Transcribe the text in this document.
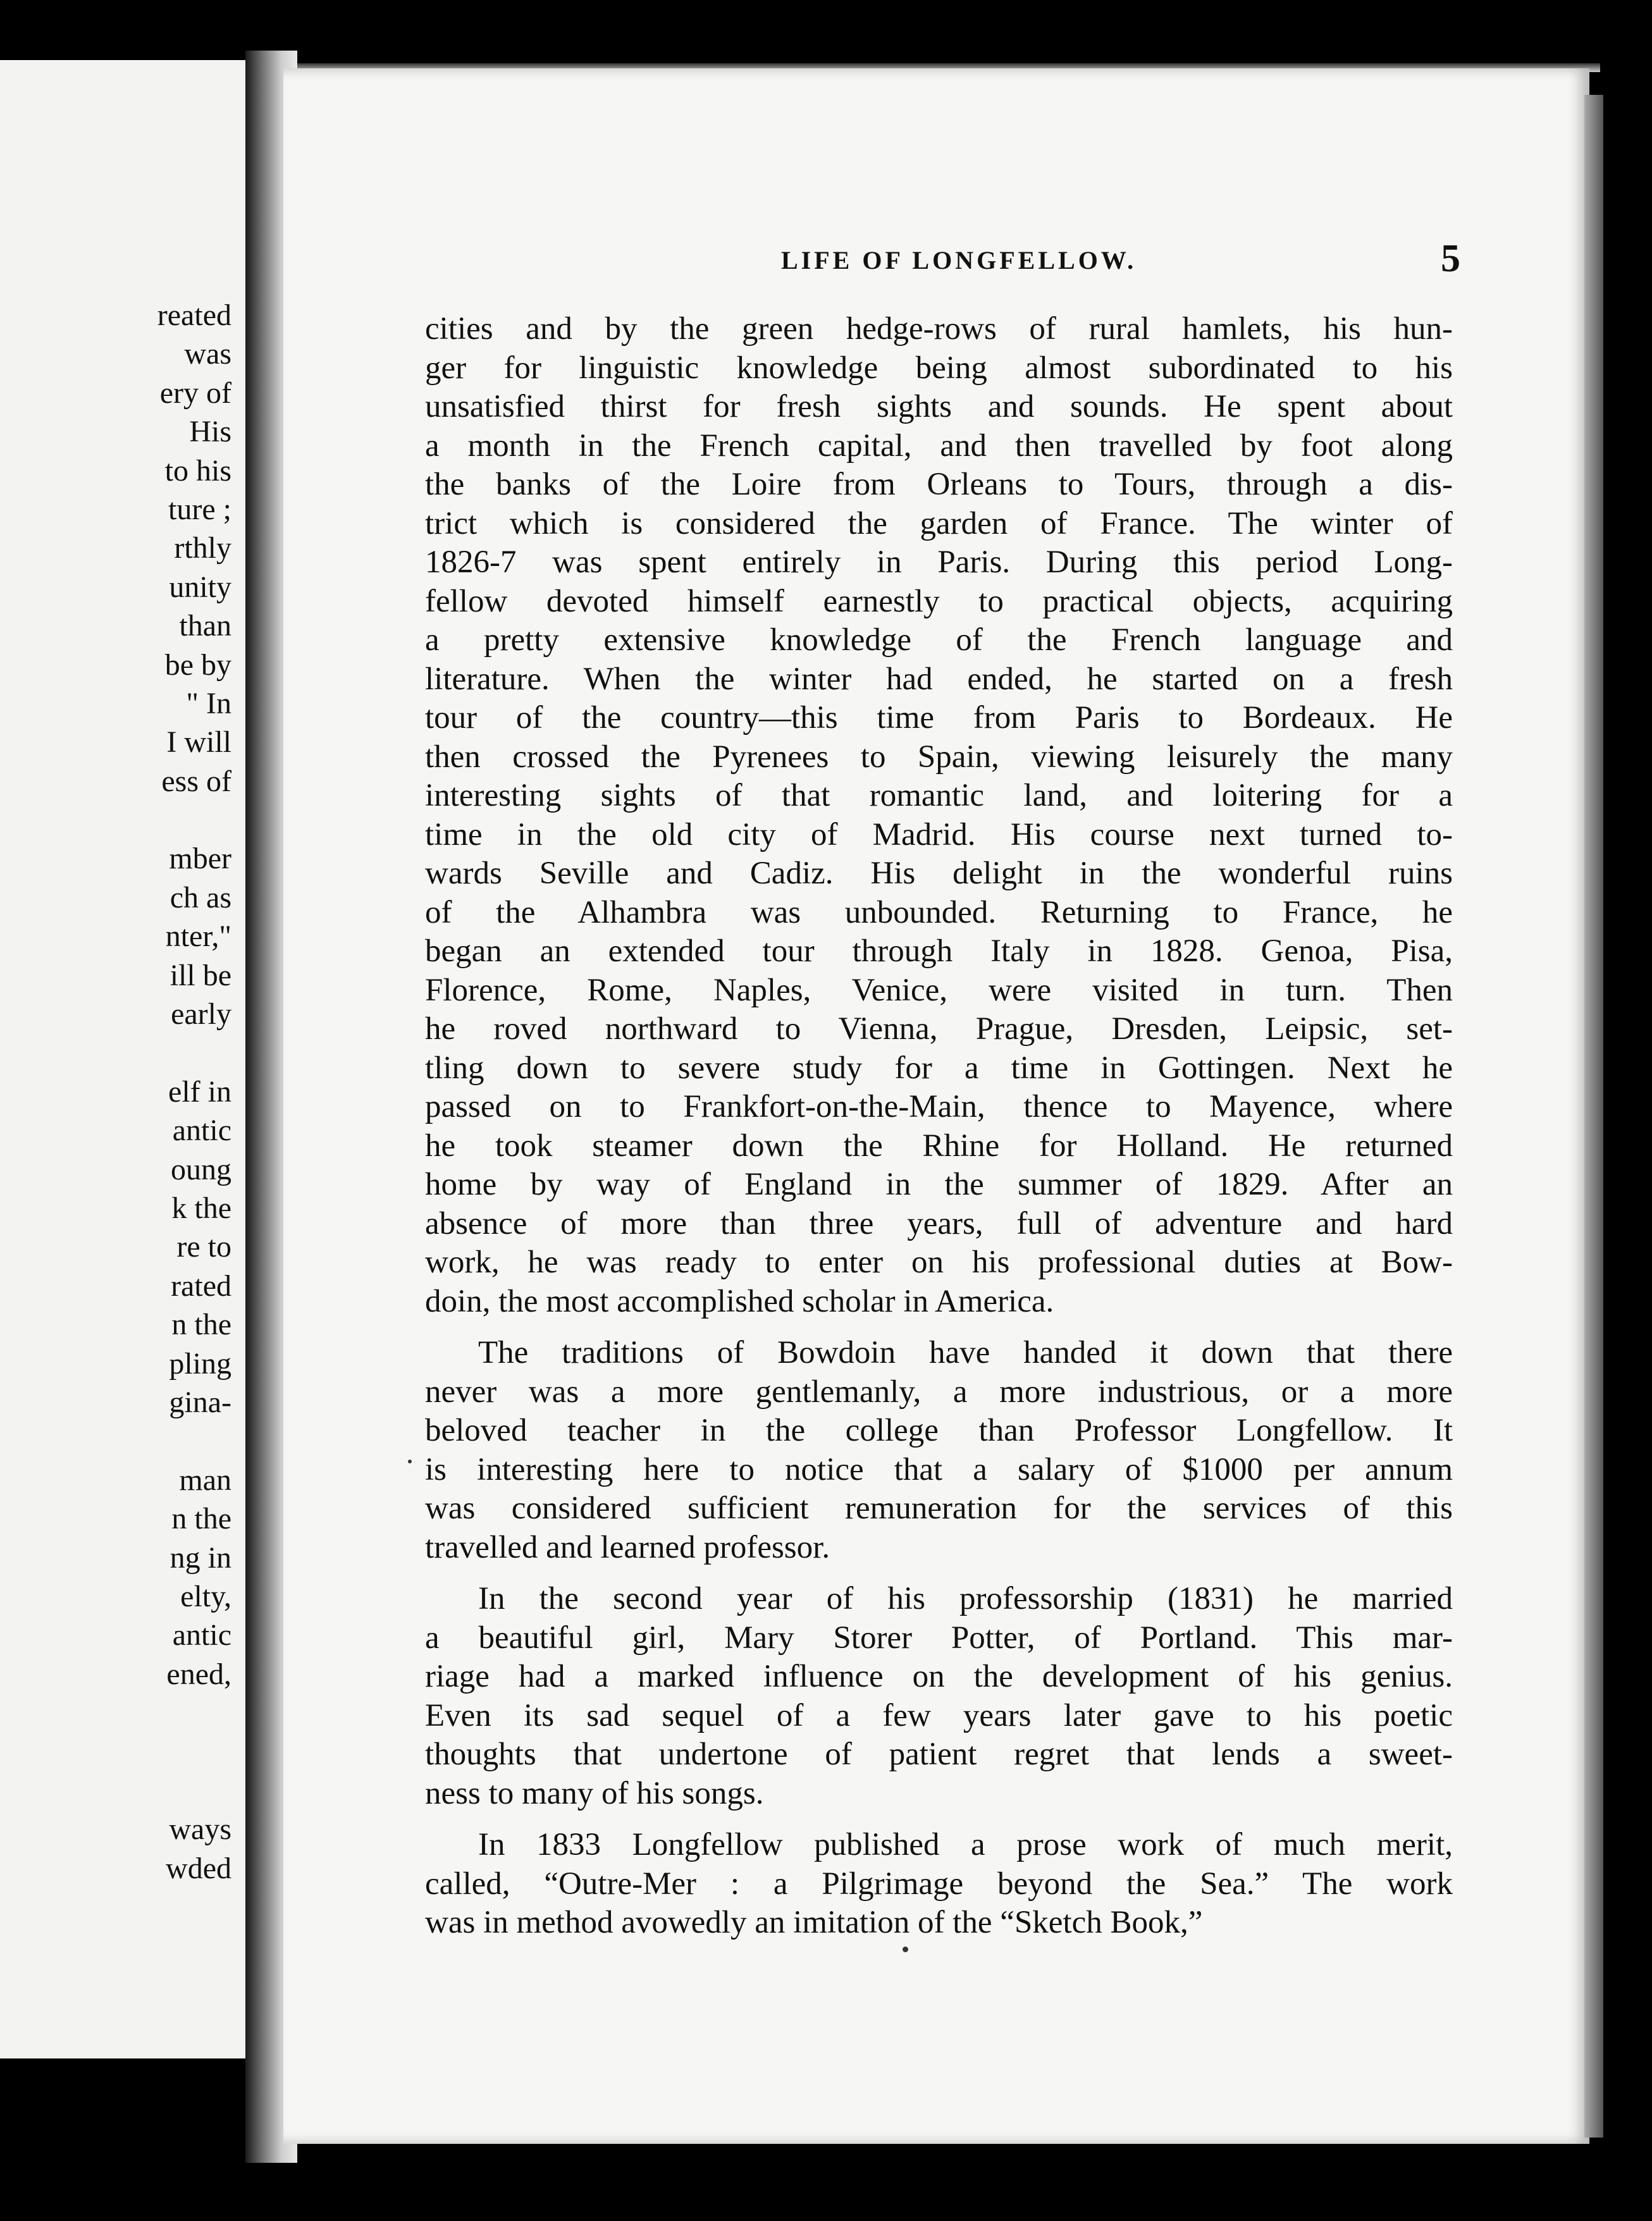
reated
was
ery of
His
to his
ture ;
rthly
unity
than
be by
" In
I will
ess of
mber
ch as
nter,"
ill be
early
elf in
antic
oung
k the
re to
rated
n the
pling
gina-
man
n the
ng in
elty,
antic
ened,
ways
wded
LIFE OF LONGFELLOW.	5
cities and by the green hedge-rows of rural hamlets, his hun-
ger for linguistic knowledge being almost subordinated to his
unsatisfied thirst for fresh sights and sounds. He spent about
a month in the French capital, and then travelled by foot along
the banks of the Loire from Orleans to Tours, through a dis-
trict which is considered the garden of France. The winter of
1826-7 was spent entirely in Paris. During this period Long-
fellow devoted himself earnestly to practical objects, acquiring
a pretty extensive knowledge of the French language and
literature. When the winter had ended, he started on a fresh
tour of the country—this time from Paris to Bordeaux. He
then crossed the Pyrenees to Spain, viewing leisurely the many
interesting sights of that romantic land, and loitering for a
time in the old city of Madrid. His course next turned to-
wards Seville and Cadiz. His delight in the wonderful ruins
of the Alhambra was unbounded. Returning to France, he
began an extended tour through Italy in 1828. Genoa, Pisa,
Florence, Rome, Naples, Venice, were visited in turn. Then
he roved northward to Vienna, Prague, Dresden, Leipsic, set-
tling down to severe study for a time in Gottingen. Next he
passed on to Frankfort-on-the-Main, thence to Mayence, where
he took steamer down the Rhine for Holland. He returned
home by way of England in the summer of 1829. After an
absence of more than three years, full of adventure and hard
work, he was ready to enter on his professional duties at Bow-
doin, the most accomplished scholar in America.
The traditions of Bowdoin have handed it down that there
never was a more gentlemanly, a more industrious, or a more
beloved teacher in the college than Professor Longfellow. It
is interesting here to notice that a salary of $1000 per annum
was considered sufficient remuneration for the services of this
travelled and learned professor.
In the second year of his professorship (1831) he married
a beautiful girl, Mary Storer Potter, of Portland. This mar-
riage had a marked influence on the development of his genius.
Even its sad sequel of a few years later gave to his poetic
thoughts that undertone of patient regret that lends a sweet-
ness to many of his songs.
In 1833 Longfellow published a prose work of much merit,
called, “Outre-Mer : a Pilgrimage beyond the Sea.” The work
was in method avowedly an imitation of the “Sketch Book,”
